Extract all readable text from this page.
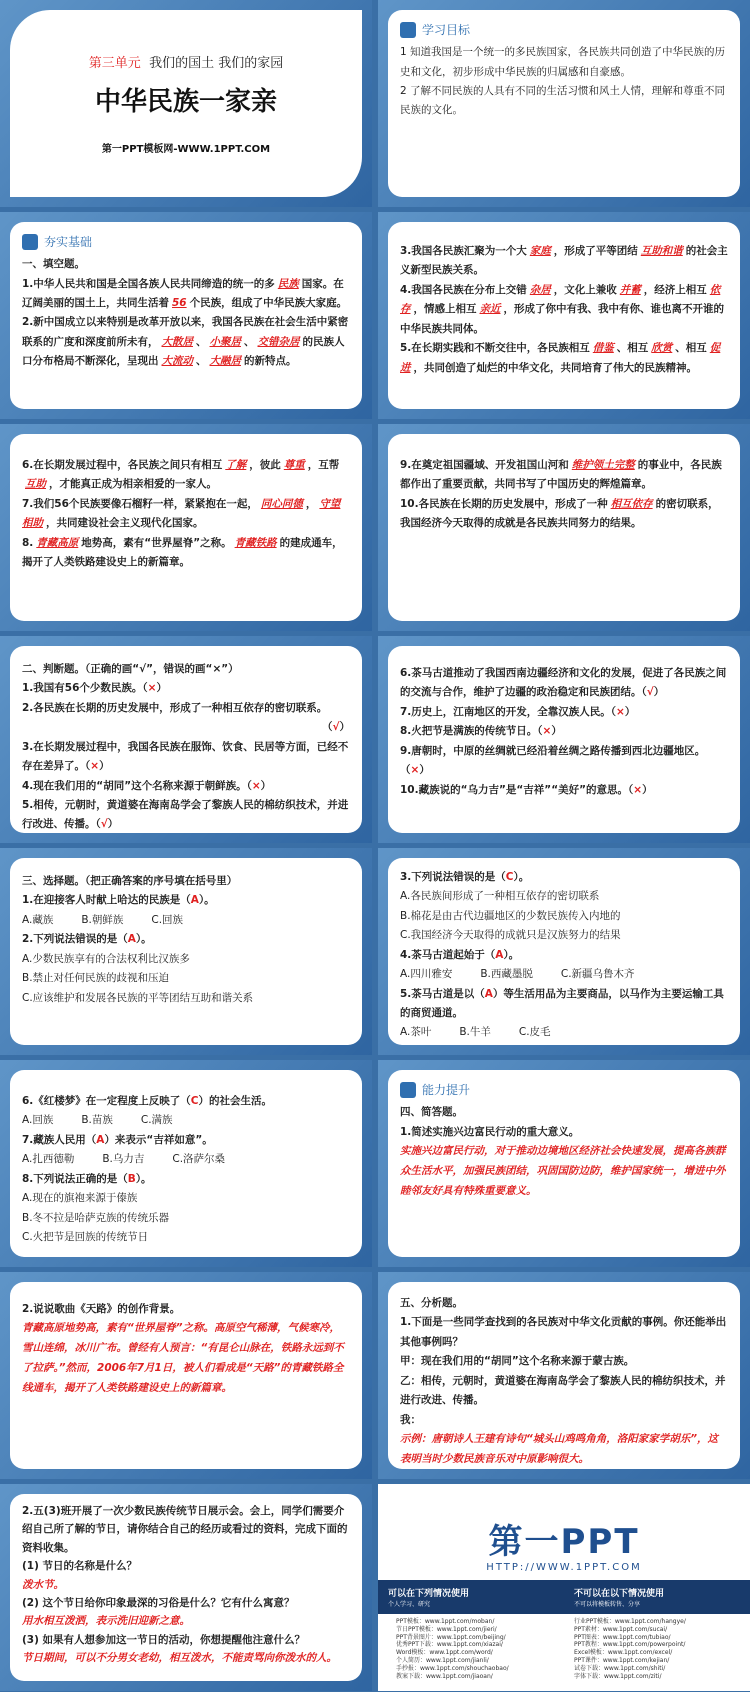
第三单元 我们的国土 我们的家园
中华民族一家亲
第一PPT模板网-WWW.1PPT.COM
学习目标

1 知道我国是一个统一的多民族国家，各民族共同创造了中华民族的历史和文化，初步形成中华民族的归属感和自豪感。

2 了解不同民族的人具有不同的生活习惯和风土人情，理解和尊重不同民族的文化。

夯实基础

一、填空题。

1.中华人民共和国是全国各族人民共同缔造的统一的多 民族 国家。在辽阔美丽的国土上，共同生活着 56 个民族，组成了中华民族大家庭。

2.新中国成立以来特别是改革开放以来，我国各民族在社会生活中紧密联系的广度和深度前所未有， 大散居 、 小聚居 、 交错杂居 的民族人口分布格局不断深化，呈现出 大流动 、 大融居 的新特点。

3.我国各民族汇聚为一个大 家庭 ，形成了平等团结 互助和谐 的社会主义新型民族关系。

4.我国各民族在分布上交错 杂居 ，文化上兼收 并蓄 ，经济上相互 依存 ，情感上相互 亲近 ，形成了你中有我、我中有你、谁也离不开谁的中华民族共同体。

5.在长期实践和不断交往中，各民族相互 借鉴 、相互 欣赏 、相互 促进 ，共同创造了灿烂的中华文化，共同培育了伟大的民族精神。

6.在长期发展过程中，各民族之间只有相互 了解 ，彼此 尊重 ，互帮互助 ，才能真正成为相亲相爱的一家人。

7.我们56个民族要像石榴籽一样，紧紧抱在一起， 同心同德 ， 守望相助 ，共同建设社会主义现代化国家。

8. 青藏高原 地势高，素有“世界屋脊”之称。 青藏铁路 的建成通车，揭开了人类铁路建设史上的新篇章。

9.在奠定祖国疆域、开发祖国山河和 维护领土完整 的事业中，各民族都作出了重要贡献，共同书写了中国历史的辉煌篇章。

10.各民族在长期的历史发展中，形成了一种 相互依存 的密切联系，我国经济今天取得的成就是各民族共同努力的结果。

二、判断题。（正确的画“√”，错误的画“×”）

1.我国有56个少数民族。（×）

2.各民族在长期的历史发展中，形成了一种相互依存的密切联系。

（√）

3.在长期发展过程中，我国各民族在服饰、饮食、民居等方面，已经不存在差异了。（×）

4.现在我们用的“胡同”这个名称来源于朝鲜族。（×）

5.相传，元朝时，黄道婆在海南岛学会了黎族人民的棉纺织技术，并进行改进、传播。（√）

6.茶马古道推动了我国西南边疆经济和文化的发展，促进了各民族之间的交流与合作，维护了边疆的政治稳定和民族团结。（√）

7.历史上，江南地区的开发，全靠汉族人民。（×）

8.火把节是满族的传统节日。（×）

9.唐朝时，中原的丝绸就已经沿着丝绸之路传播到西北边疆地区。（×）

10.藏族说的“乌力吉”是“吉祥”“美好”的意思。（×）

三、选择题。（把正确答案的序号填在括号里）

1.在迎接客人时献上哈达的民族是（A）。

A.藏族	B.朝鲜族	C.回族

2.下列说法错误的是（A）。

A.少数民族享有的合法权利比汉族多

B.禁止对任何民族的歧视和压迫

C.应该维护和发展各民族的平等团结互助和谐关系

3.下列说法错误的是（C）。

A.各民族间形成了一种相互依存的密切联系

B.棉花是由古代边疆地区的少数民族传入内地的

C.我国经济今天取得的成就只是汉族努力的结果

4.茶马古道起始于（A）。

A.四川雅安	B.西藏墨脱	C.新疆乌鲁木齐

5.茶马古道是以（A）等生活用品为主要商品，以马作为主要运输工具的商贸通道。

A.茶叶	B.牛羊	C.皮毛

6.《红楼梦》在一定程度上反映了（C）的社会生活。

A.回族	B.苗族	C.满族

7.藏族人民用（A）来表示“吉祥如意”。

A.扎西德勒	B.乌力吉	C.洛萨尔桑

8.下列说法正确的是（B）。

A.现在的旗袍来源于傣族

B.冬不拉是哈萨克族的传统乐器

C.火把节是回族的传统节日

能力提升

四、简答题。

1.简述实施兴边富民行动的重大意义。

实施兴边富民行动，对于推动边境地区经济社会快速发展，提高各族群众生活水平，加强民族团结，巩固国防边防，维护国家统一，增进中外睦邻友好具有特殊重要意义。

2.说说歌曲《天路》的创作背景。

青藏高原地势高，素有“世界屋脊”之称。高原空气稀薄，气候寒冷，雪山连绵，冰川广布。曾经有人预言：“有昆仑山脉在，铁路永远到不了拉萨。”然而，2006年7月1日，被人们看成是“天路”的青藏铁路全线通车，揭开了人类铁路建设史上的新篇章。

五、分析题。

1.下面是一些同学查找到的各民族对中华文化贡献的事例。你还能举出其他事例吗？

甲：现在我们用的“胡同”这个名称来源于蒙古族。

乙：相传，元朝时，黄道婆在海南岛学会了黎族人民的棉纺织技术，并进行改进、传播。

我：

示例：唐朝诗人王建有诗句“城头山鸡鸣角角，洛阳家家学胡乐”，这表明当时少数民族音乐对中原影响很大。

2.五(3)班开展了一次少数民族传统节日展示会。会上，同学们需要介绍自己所了解的节日，请你结合自己的经历或看过的资料，完成下面的资料收集。

(1) 节日的名称是什么？

泼水节。

(2) 这个节日给你印象最深的习俗是什么？它有什么寓意？

用水相互泼洒，表示洗旧迎新之意。

(3) 如果有人想参加这一节日的活动，你想提醒他注意什么？

节日期间，可以不分男女老幼，相互泼水，不能责骂向你泼水的人。

第一PPT
HTTP://WWW.1PPT.COM
可以在下列情况使用
个人学习、研究
不可以在以下情况使用
不可以将模板转售、分享
PPT模板：www.1ppt.com/moban/
节日PPT模板：www.1ppt.com/jieri/
PPT背景图片：www.1ppt.com/beijing/
优秀PPT下载：www.1ppt.com/xiazai/
Word模板：www.1ppt.com/word/
个人简历：www.1ppt.com/jianli/
手抄报：www.1ppt.com/shouchaobao/
教案下载：www.1ppt.com/jiaoan/
行业PPT模板：www.1ppt.com/hangye/
PPT素材：www.1ppt.com/sucai/
PPT图表：www.1ppt.com/tubiao/
PPT教程：www.1ppt.com/powerpoint/
Excel模板：www.1ppt.com/excel/
PPT课件：www.1ppt.com/kejian/
试卷下载：www.1ppt.com/shiti/
字体下载：www.1ppt.com/ziti/
